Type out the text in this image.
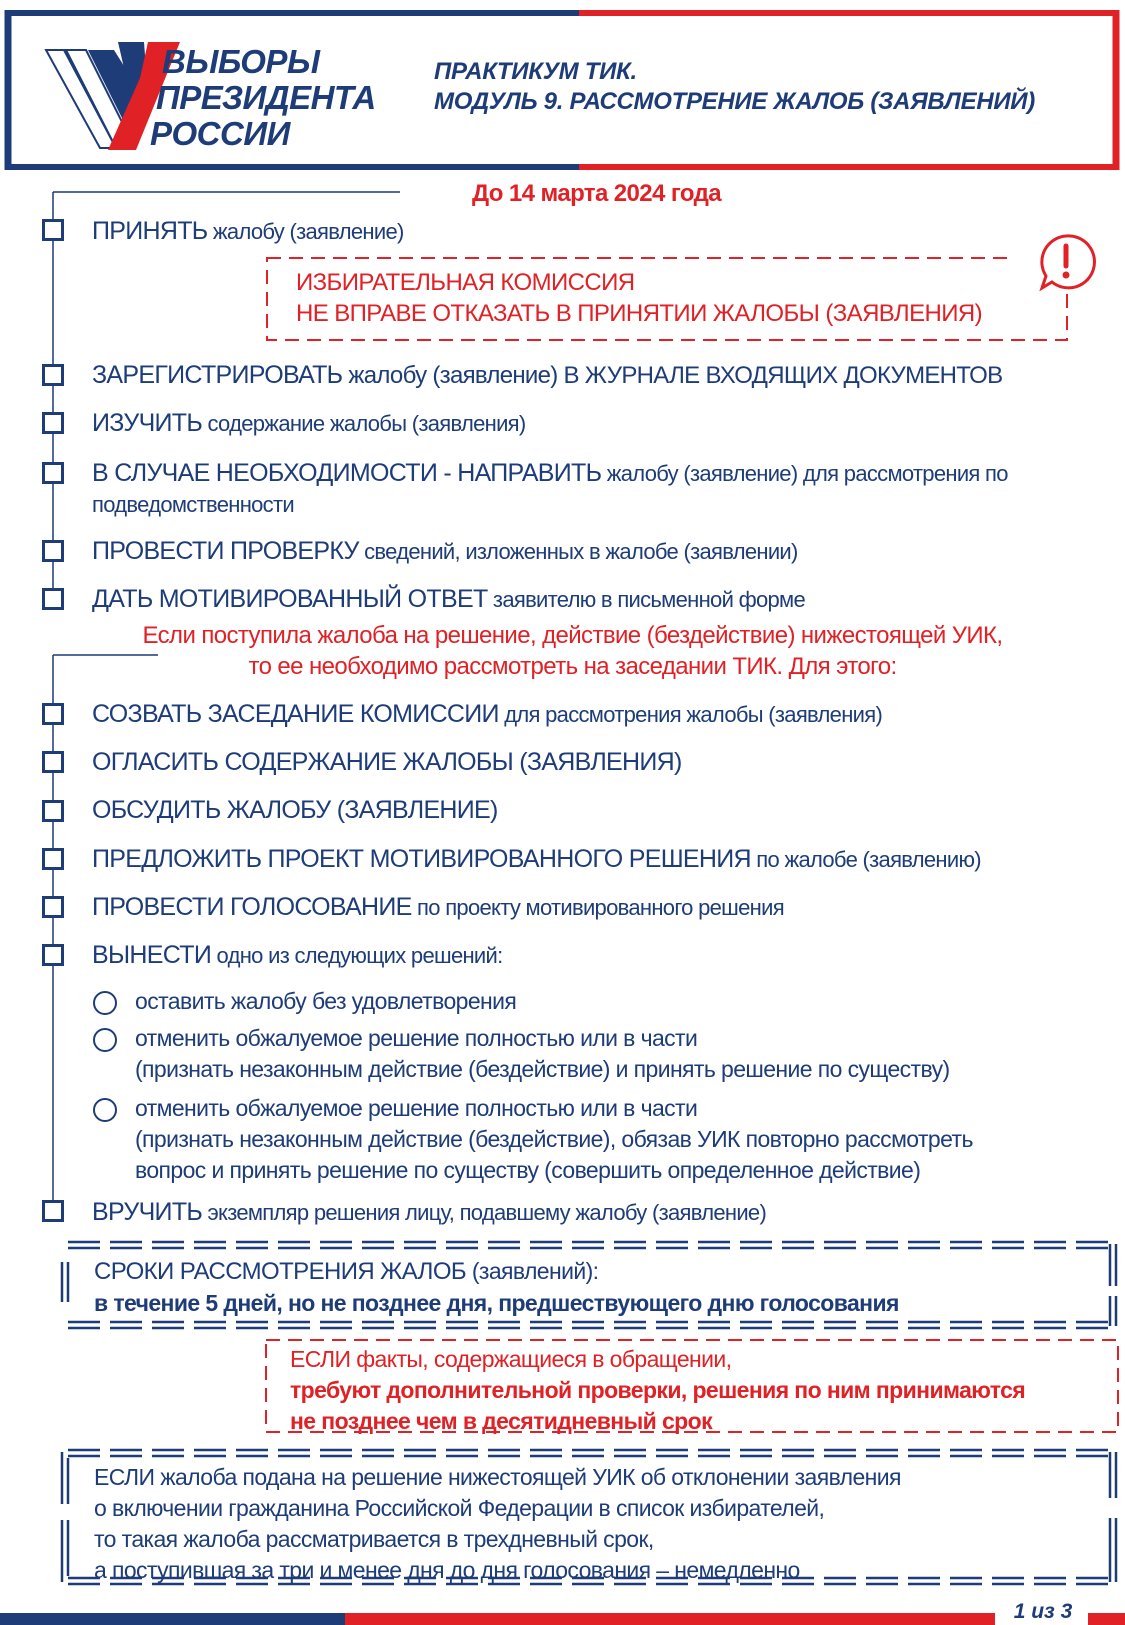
ВЫБОРЫ
ПРЕЗИДЕНТА
РОССИИ
ПРАКТИКУМ ТИК.
МОДУЛЬ 9. РАССМОТРЕНИЕ ЖАЛОБ (ЗАЯВЛЕНИЙ)
До 14 марта 2024 года
ПРИНЯТЬ жалобу (заявление)
ИЗБИРАТЕЛЬНАЯ КОМИССИЯ
НЕ ВПРАВЕ ОТКАЗАТЬ В ПРИНЯТИИ ЖАЛОБЫ (ЗАЯВЛЕНИЯ)
ЗАРЕГИСТРИРОВАТЬ жалобу (заявление) В ЖУРНАЛЕ ВХОДЯЩИХ ДОКУМЕНТОВ
ИЗУЧИТЬ содержание жалобы (заявления)
В СЛУЧАЕ НЕОБХОДИМОСТИ - НАПРАВИТЬ жалобу (заявление) для рассмотрения по
подведомственности
ПРОВЕСТИ ПРОВЕРКУ сведений, изложенных в жалобе (заявлении)
ДАТЬ МОТИВИРОВАННЫЙ ОТВЕТ заявителю в письменной форме
Если поступила жалоба на решение, действие (бездействие) нижестоящей УИК,
то ее необходимо рассмотреть на заседании ТИК. Для этого:
СОЗВАТЬ ЗАСЕДАНИЕ КОМИССИИ для рассмотрения жалобы (заявления)
ОГЛАСИТЬ СОДЕРЖАНИЕ ЖАЛОБЫ (ЗАЯВЛЕНИЯ)
ОБСУДИТЬ ЖАЛОБУ (ЗАЯВЛЕНИЕ)
ПРЕДЛОЖИТЬ ПРОЕКТ МОТИВИРОВАННОГО РЕШЕНИЯ по жалобе (заявлению)
ПРОВЕСТИ ГОЛОСОВАНИЕ по проекту мотивированного решения
ВЫНЕСТИ одно из следующих решений:
оставить жалобу без удовлетворения
отменить обжалуемое решение полностью или в части
(признать незаконным действие (бездействие) и принять решение по существу)
отменить обжалуемое решение полностью или в части
(признать незаконным действие (бездействие), обязав УИК повторно рассмотреть
вопрос и принять решение по существу (совершить определенное действие)
ВРУЧИТЬ экземпляр решения лицу, подавшему жалобу (заявление)
СРОКИ РАССМОТРЕНИЯ ЖАЛОБ (заявлений):
в течение 5 дней, но не позднее дня, предшествующего дню голосования
ЕСЛИ факты, содержащиеся в обращении,
требуют дополнительной проверки, решения по ним принимаются
не позднее чем в десятидневный срок
ЕСЛИ жалоба подана на решение нижестоящей УИК об отклонении заявления
о включении гражданина Российской Федерации в список избирателей,
то такая жалоба рассматривается в трехдневный срок,
а поступившая за три и менее дня до дня голосования – немедленно
1 из 3
